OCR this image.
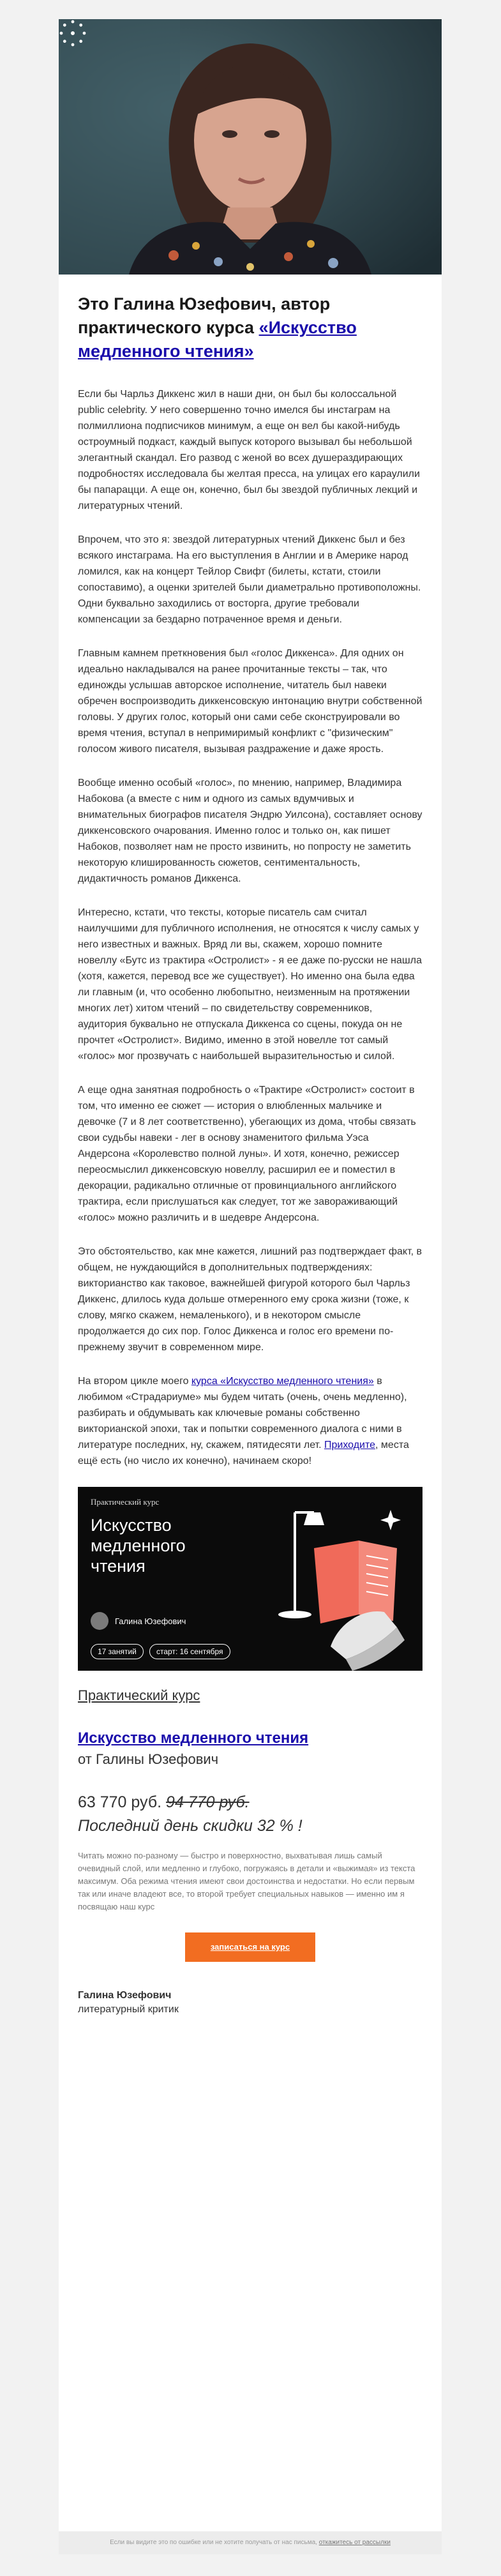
Это Галина Юзефович, автор практического курса «Искусство медленного чтения»

Если бы Чарльз Диккенс жил в наши дни, он был бы колоссальной public celebrity. У него совершенно точно имелся бы инстаграм на полмиллиона подписчиков минимум, а еще он вел бы какой-нибудь остроумный подкаст, каждый выпуск которого вызывал бы небольшой элегантный скандал. Его развод с женой во всех душераздирающих подробностях исследовала бы желтая пресса, на улицах его караулили бы папарацци. А еще он, конечно, был бы звездой публичных лекций и литературных чтений.

Впрочем, что это я: звездой литературных чтений Диккенс был и без всякого инстаграма. На его выступления в Англии и в Америке народ ломился, как на концерт Тейлор Свифт (билеты, кстати, стоили сопоставимо), а оценки зрителей были диаметрально противоположны. Одни буквально заходились от восторга, другие требовали компенсации за бездарно потраченное время и деньги.

Главным камнем преткновения был «голос Диккенса». Для одних он идеально накладывался на ранее прочитанные тексты – так, что единожды услышав авторское исполнение, читатель был навеки обречен воспроизводить диккенсовскую интонацию внутри собственной головы. У других голос, который они сами себе сконструировали во время чтения, вступал в непримиримый конфликт с "физическим" голосом живого писателя, вызывая раздражение и даже ярость.

Вообще именно особый «голос», по мнению, например, Владимира Набокова (а вместе с ним и одного из самых вдумчивых и внимательных биографов писателя Эндрю Уилсона), составляет основу диккенсовского очарования. Именно голос и только он, как пишет Набоков, позволяет нам не просто извинить, но попросту не заметить некоторую клишированность сюжетов, сентиментальность, дидактичность романов Диккенса.

Интересно, кстати, что тексты, которые писатель сам считал наилучшими для публичного исполнения, не относятся к числу самых у него известных и важных. Вряд ли вы, скажем, хорошо помните новеллу «Бутс из трактира «Остролист» - я ее даже по-русски не нашла (хотя, кажется, перевод все же существует). Но именно она была едва ли главным (и, что особенно любопытно, неизменным на протяжении многих лет) хитом чтений – по свидетельству современников, аудитория буквально не отпускала Диккенса со сцены, покуда он не прочтет «Остролист». Видимо, именно в этой новелле тот самый «голос» мог прозвучать с наибольшей выразительностью и силой.

А еще одна занятная подробность о «Трактире «Остролист» состоит в том, что именно ее сюжет — история о влюбленных мальчике и девочке (7 и 8 лет соответственно), убегающих из дома, чтобы связать свои судьбы навеки - лег в основу знаменитого фильма Уэса Андерсона «Королевство полной луны». И хотя, конечно, режиссер переосмыслил диккенсовскую новеллу, расширил ее и поместил в декорации, радикально отличные от провинциального английского трактира, если прислушаться как следует, тот же завораживающий «голос» можно различить и в шедевре Андерсона.

Это обстоятельство, как мне кажется, лишний раз подтверждает факт, в общем, не нуждающийся в дополнительных подтверждениях: викторианство как таковое, важнейшей фигурой которого был Чарльз Диккенс, длилось куда дольше отмеренного ему срока жизни (тоже, к слову, мягко скажем, немаленького), и в некотором смысле продолжается до сих пор. Голос Диккенса и голос его времени по-прежнему звучит в современном мире.

На втором цикле моего курса «Искусство медленного чтения» в любимом «Страдариуме» мы будем читать (очень, очень медленно), разбирать и обдумывать как ключевые романы собственно викторианской эпохи, так и попытки современного диалога с ними в литературе последних, ну, скажем, пятидесяти лет. Приходите, места ещё есть (но число их конечно), начинаем скоро!

Практический курс
Искусство медленного чтения
Галина Юзефович
17 занятий	старт: 16 сентября
Практический курс
Искусство медленного чтения
от Галины Юзефович
63 770 руб. 94 770 руб.
Последний день скидки 32 % !

Читать можно по-разному — быстро и поверхностно, выхватывая лишь самый очевидный слой, или медленно и глубоко, погружаясь в детали и «выжимая» из текста максимум. Оба режима чтения имеют свои достоинства и недостатки. Но если первым так или иначе владеют все, то второй требует специальных навыков — именно им я посвящаю наш курс

записаться на курс

Галина Юзефович

литературный критик

Если вы видите это по ошибке или не хотите получать от нас письма, откажитесь от рассылки
